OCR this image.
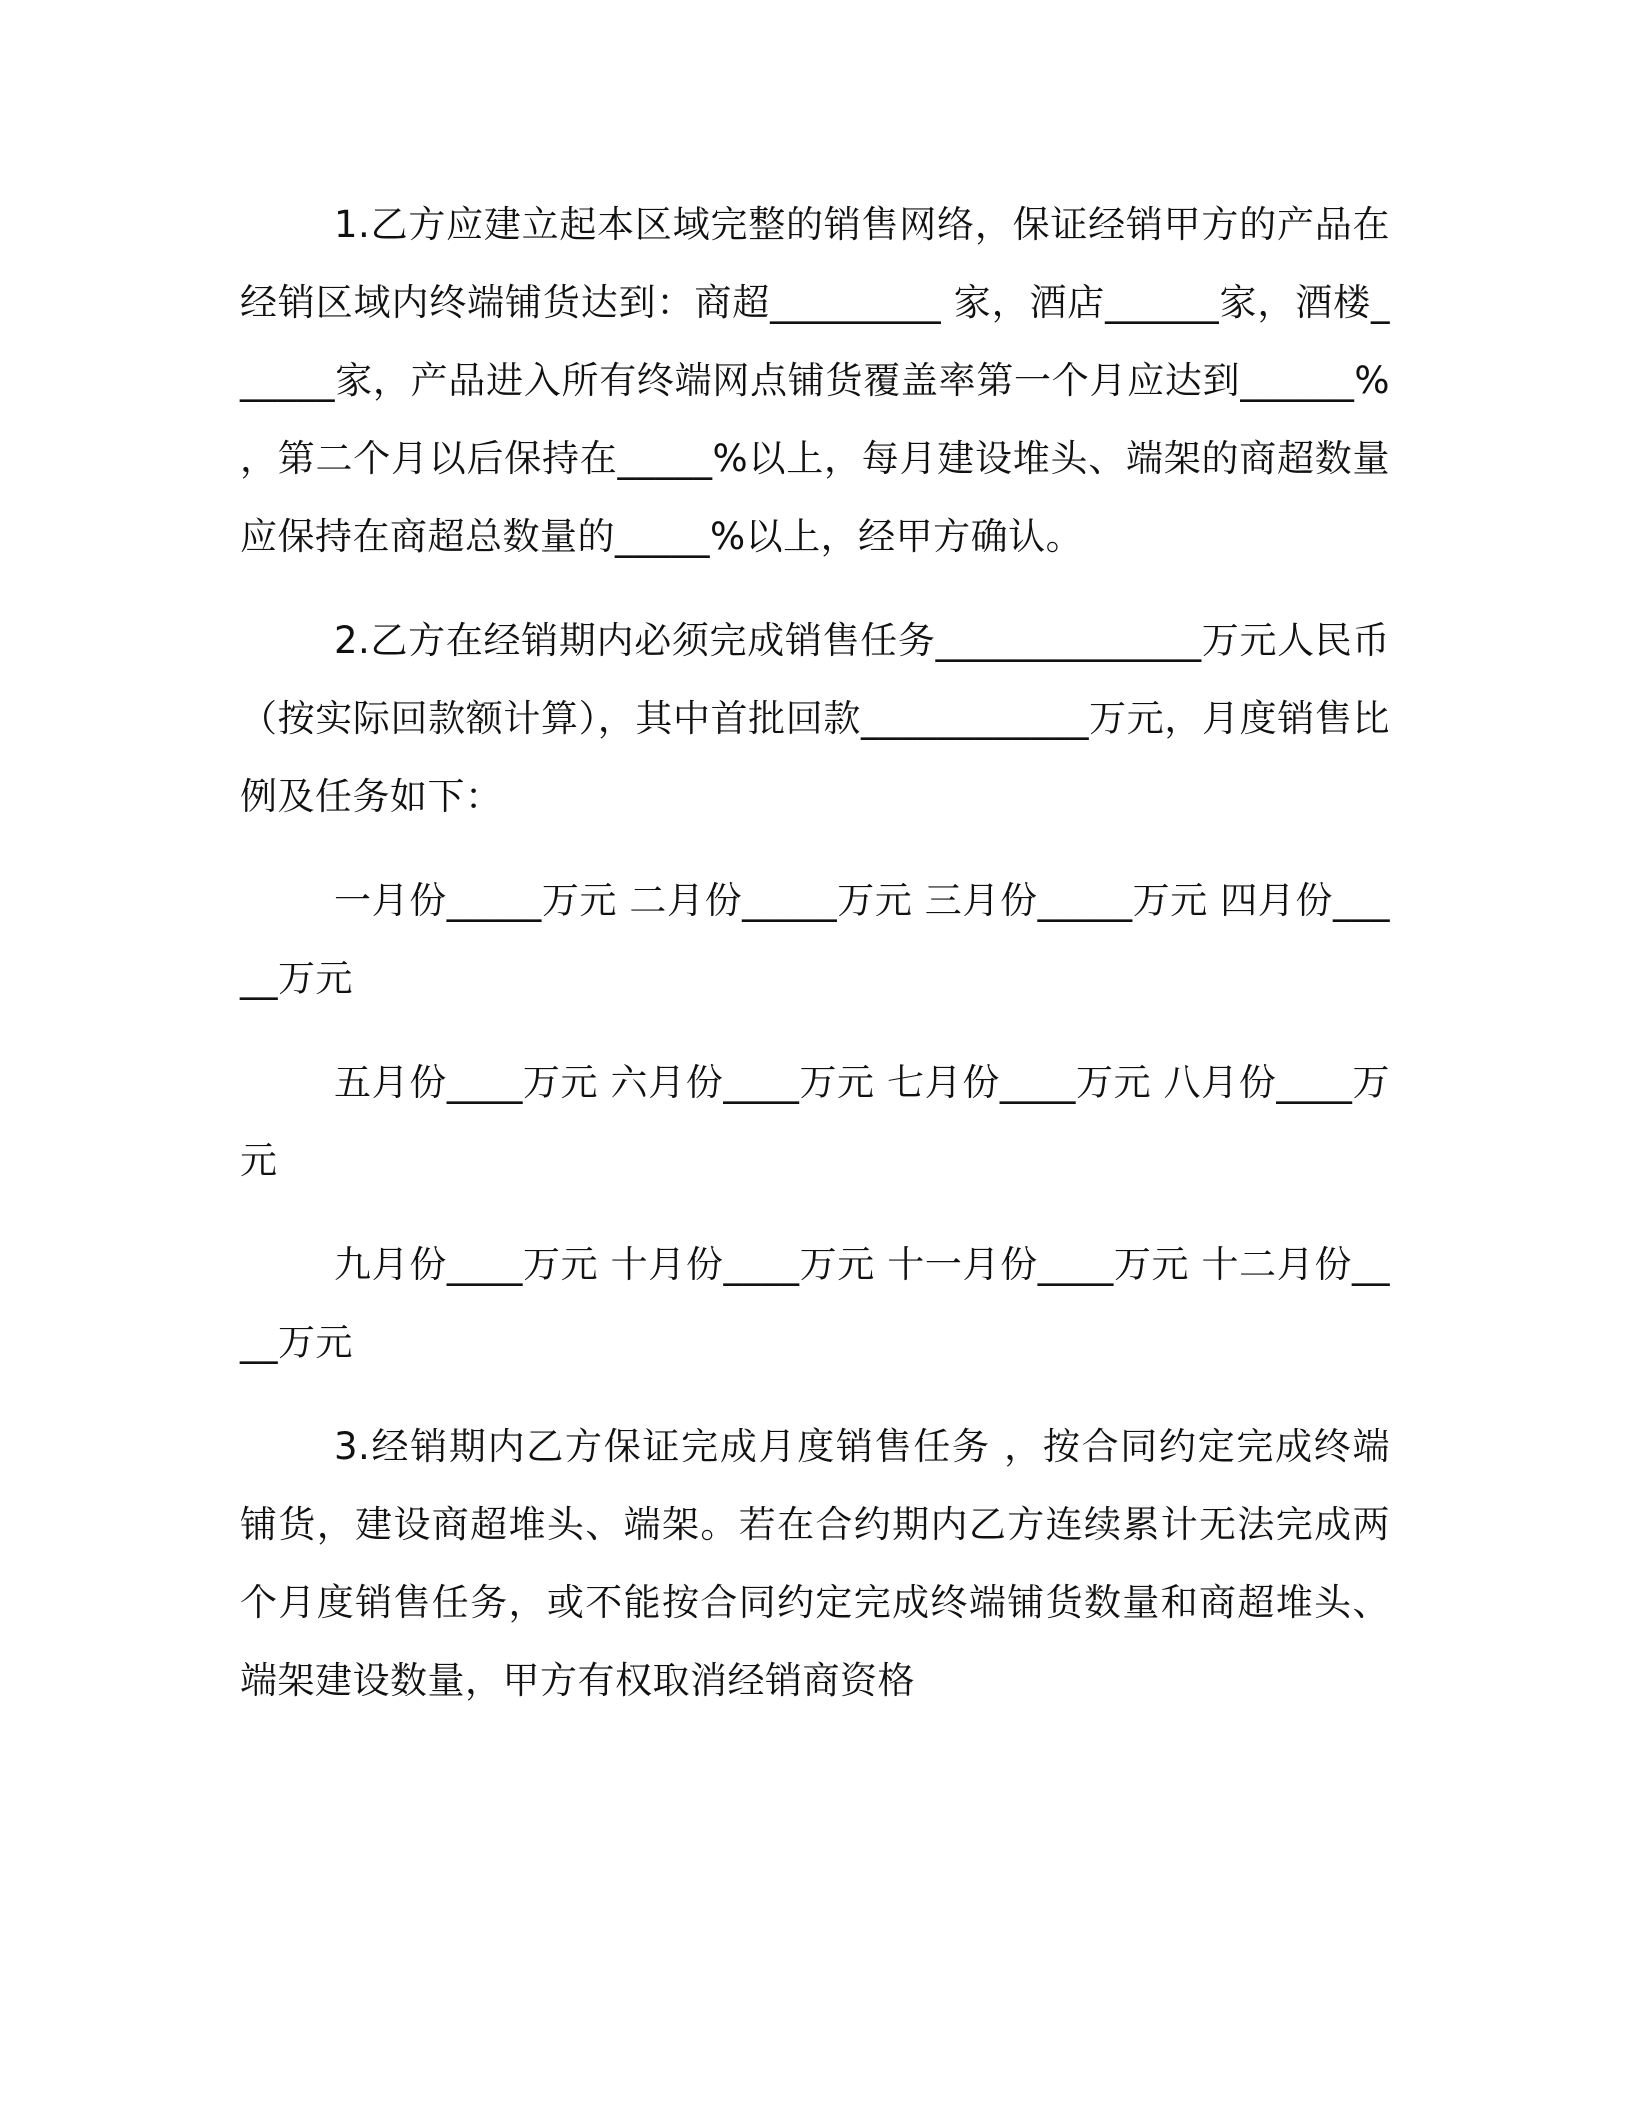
1.乙方应建立起本区域完整的销售网络，保证经销甲方的产品在经销区域内终端铺货达到：商超_________ 家，酒店______家，酒楼______家，产品进入所有终端网点铺货覆盖率第一个月应达到______% ，第二个月以后保持在_____%以上，每月建设堆头、端架的商超数量应保持在商超总数量的_____%以上，经甲方确认。

2.乙方在经销期内必须完成销售任务______________万元人民币（按实际回款额计算），其中首批回款____________万元，月度销售比例及任务如下：

一月份_____万元 二月份_____万元 三月份_____万元 四月份_____万元

五月份____万元 六月份____万元 七月份____万元 八月份____万元

九月份____万元 十月份____万元 十一月份____万元 十二月份____万元

3.经销期内乙方保证完成月度销售任务 ，按合同约定完成终端铺货，建设商超堆头、端架。若在合约期内乙方连续累计无法完成两个月度销售任务，或不能按合同约定完成终端铺货数量和商超堆头、端架建设数量，甲方有权取消经销商资格
